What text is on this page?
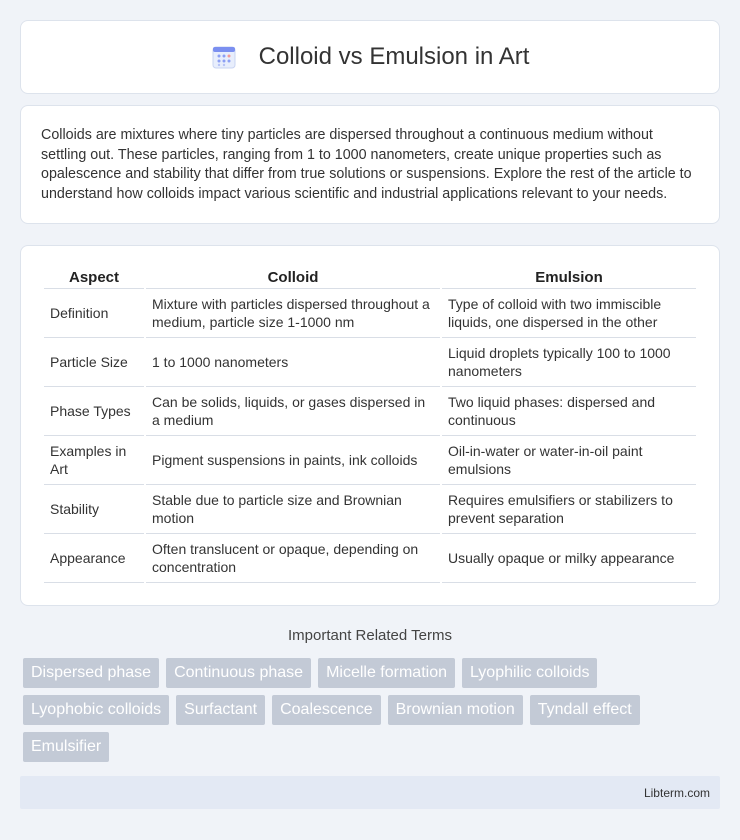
Colloid vs Emulsion in Art

Colloids are mixtures where tiny particles are dispersed throughout a continuous medium without settling out. These particles, ranging from 1 to 1000 nanometers, create unique properties such as opalescence and stability that differ from true solutions or suspensions. Explore the rest of the article to understand how colloids impact various scientific and industrial applications relevant to your needs.

Aspect	Colloid	Emulsion
Definition	Mixture with particles dispersed throughout a medium, particle size 1-1000 nm	Type of colloid with two immiscible liquids, one dispersed in the other
Particle Size	1 to 1000 nanometers	Liquid droplets typically 100 to 1000 nanometers
Phase Types	Can be solids, liquids, or gases dispersed in a medium	Two liquid phases: dispersed and continuous
Examples in Art	Pigment suspensions in paints, ink colloids	Oil-in-water or water-in-oil paint emulsions
Stability	Stable due to particle size and Brownian motion	Requires emulsifiers or stabilizers to prevent separation
Appearance	Often translucent or opaque, depending on concentration	Usually opaque or milky appearance
Important Related Terms
Dispersed phase	Continuous phase	Micelle formation	Lyophilic colloids
Lyophobic colloids	Surfactant	Coalescence	Brownian motion	Tyndall effect
Emulsifier
Libterm.com
